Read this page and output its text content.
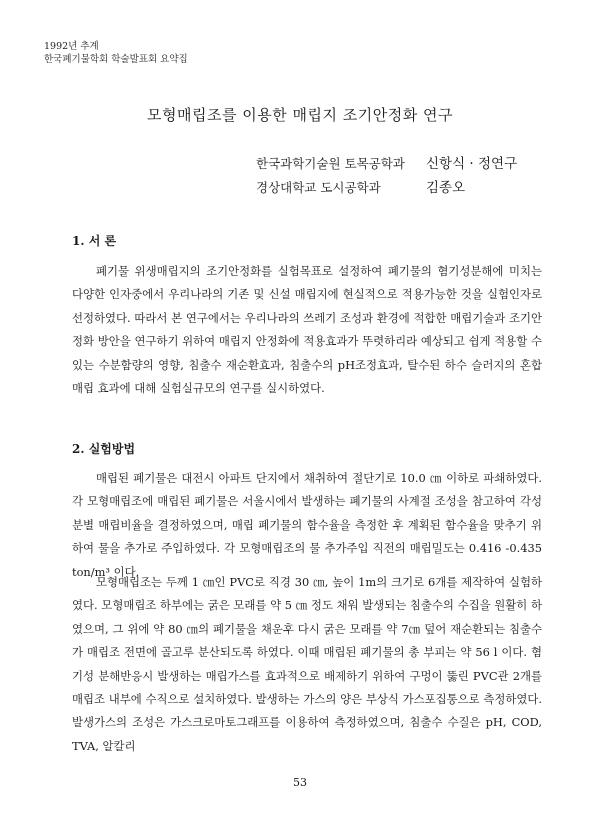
1992년 추계
한국폐기물학회 학술발표회 요약집
모형매립조를 이용한 매립지 조기안정화 연구
한국과학기술원 토목공학과	신항식 · 정연구
경상대학교 도시공학과	김종오
1. 서 론

폐기물 위생매립지의 조기안정화를 실험목표로 설정하여 폐기물의 혐기성분해에 미치는 다양한 인자중에서 우리나라의 기존 및 신설 매립지에 현실적으로 적용가능한 것을 실험인자로 선정하였다. 따라서 본 연구에서는 우리나라의 쓰레기 조성과 환경에 적합한 매립기술과 조기안정화 방안을 연구하기 위하여 매립지 안정화에 적용효과가 뚜렷하리라 예상되고 쉽게 적용할 수 있는 수분함량의 영향, 침출수 재순환효과, 침출수의 pH조정효과, 탈수된 하수 슬러지의 혼합매립 효과에 대해 실험실규모의 연구를 실시하였다.

2. 실험방법

매립된 폐기물은 대전시 아파트 단지에서 채취하여 절단기로 10.0 ㎝ 이하로 파쇄하였다. 각 모형매립조에 매립된 폐기물은 서울시에서 발생하는 폐기물의 사계절 조성을 참고하여 각성분별 매립비율을 결정하였으며, 매립 폐기물의 함수율을 측정한 후 계획된 함수율을 맞추기 위하여 물을 추가로 주입하였다. 각 모형매립조의 물 추가주입 직전의 매립밀도는 0.416 -0.435 ton/m³ 이다.

모형매립조는 두께 1 ㎝인 PVC로 직경 30 ㎝, 높이 1m의 크기로 6개를 제작하여 실험하였다. 모형매립조 하부에는 굵은 모래를 약 5 ㎝ 정도 채워 발생되는 침출수의 수집을 원활히 하였으며, 그 위에 약 80 ㎝의 폐기물을 채운후 다시 굵은 모래를 약 7㎝ 덮어 재순환되는 침출수가 매립조 전면에 골고루 분산되도록 하였다. 이때 매립된 폐기물의 총 부피는 약 56 l 이다. 혐기성 분해반응시 발생하는 매립가스를 효과적으로 배제하기 위하여 구멍이 뚫린 PVC관 2개를 매립조 내부에 수직으로 설치하였다. 발생하는 가스의 양은 부상식 가스포집통으로 측정하였다. 발생가스의 조성은 가스크로마토그래프를 이용하여 측정하였으며, 침출수 수질은 pH, COD, TVA, 알칼리

53
